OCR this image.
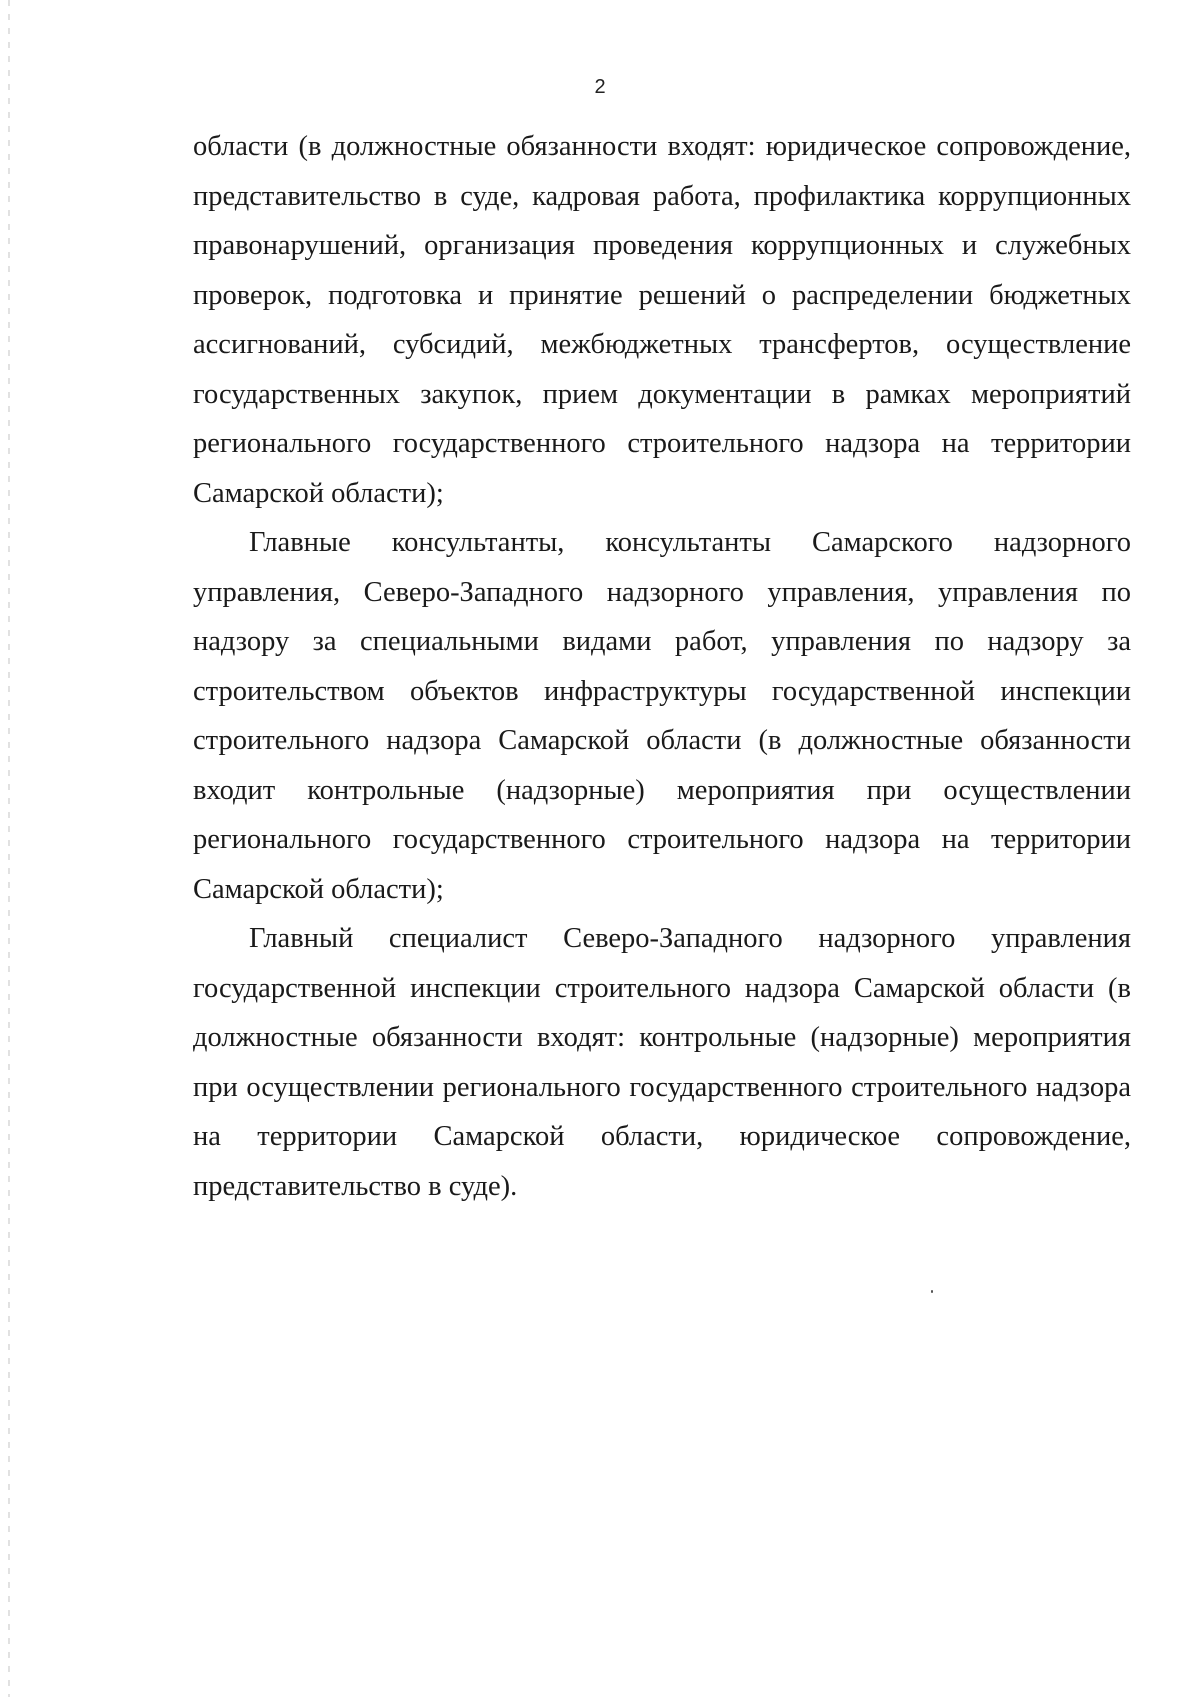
2

области (в должностные обязанности входят: юридическое сопровождение, представительство в суде, кадровая работа, профилактика коррупционных правонарушений, организация проведения коррупционных и служебных проверок, подготовка и принятие решений о распределении бюджетных ассигнований, субсидий, межбюджетных трансфертов, осуществление государственных закупок, прием документации в рамках мероприятий регионального государственного строительного надзора на территории Самарской области);

Главные консультанты, консультанты Самарского надзорного управления, Северо-Западного надзорного управления, управления по надзору за специальными видами работ, управления по надзору за строительством объектов инфраструктуры государственной инспекции строительного надзора Самарской области (в должностные обязанности входит контрольные (надзорные) мероприятия при осуществлении регионального государственного строительного надзора на территории Самарской области);

Главный специалист Северо-Западного надзорного управления государственной инспекции строительного надзора Самарской области (в должностные обязанности входят: контрольные (надзорные) мероприятия при осуществлении регионального государственного строительного надзора на территории Самарской области, юридическое сопровождение, представительство в суде).
